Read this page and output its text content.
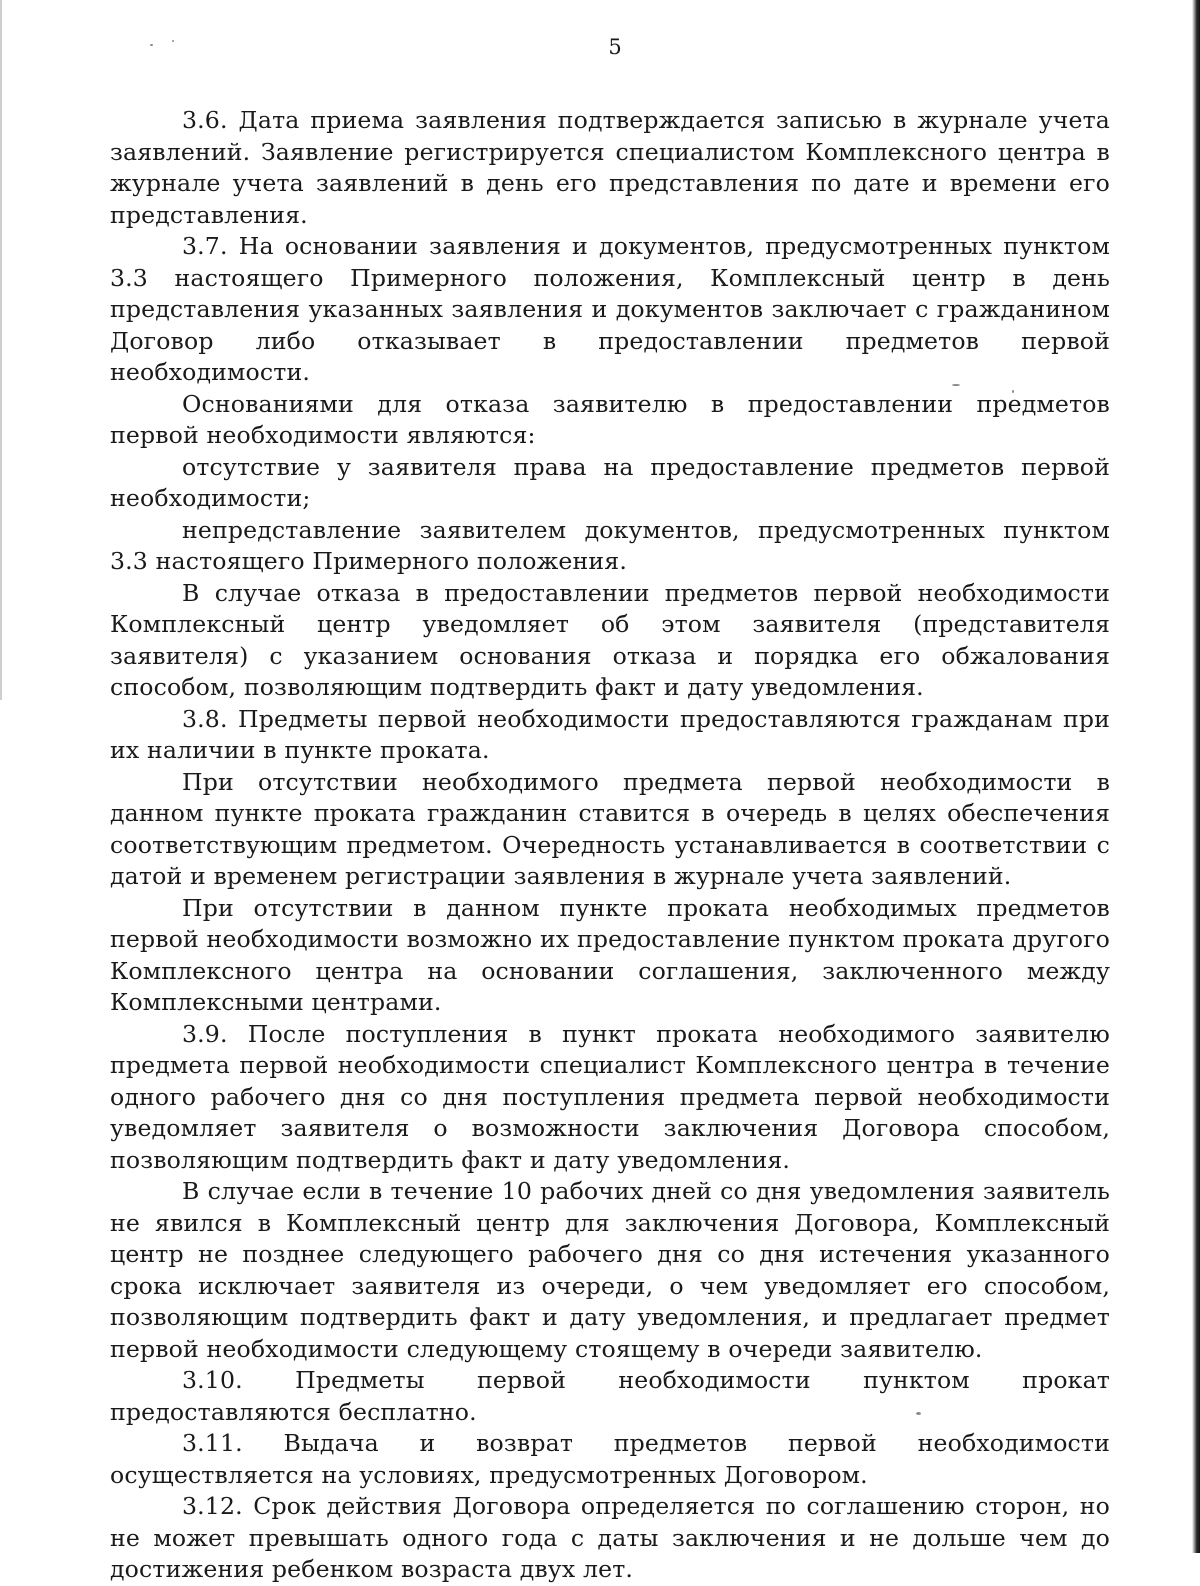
5

3.6. Дата приема заявления подтверждается записью в журнале учета заявлений. Заявление регистрируется специалистом Комплексного центра в журнале учета заявлений в день его представления по дате и времени его представления.

3.7. На основании заявления и документов, предусмотренных пунктом 3.3 настоящего Примерного положения, Комплексный центр в день представления указанных заявления и документов заключает с гражданином Договор либо отказывает в предоставлении предметов первой необходимости.

Основаниями для отказа заявителю в предоставлении предметов первой необходимости являются:

отсутствие у заявителя права на предоставление предметов первой необходимости;

непредставление заявителем документов, предусмотренных пунктом 3.3 настоящего Примерного положения.

В случае отказа в предоставлении предметов первой необходимости Комплексный центр уведомляет об этом заявителя (представителя заявителя) с указанием основания отказа и порядка его обжалования способом, позволяющим подтвердить факт и дату уведомления.

3.8. Предметы первой необходимости предоставляются гражданам при их наличии в пункте проката.

При отсутствии необходимого предмета первой необходимости в данном пункте проката гражданин ставится в очередь в целях обеспечения соответствующим предметом. Очередность устанавливается в соответствии с датой и временем регистрации заявления в журнале учета заявлений.

При отсутствии в данном пункте проката необходимых предметов первой необходимости возможно их предоставление пунктом проката другого Комплексного центра на основании соглашения, заключенного между Комплексными центрами.

3.9. После поступления в пункт проката необходимого заявителю предмета первой необходимости специалист Комплексного центра в течение одного рабочего дня со дня поступления предмета первой необходимости уведомляет заявителя о возможности заключения Договора способом, позволяющим подтвердить факт и дату уведомления.

В случае если в течение 10 рабочих дней со дня уведомления заявитель не явился в Комплексный центр для заключения Договора, Комплексный центр не позднее следующего рабочего дня со дня истечения указанного срока исключает заявителя из очереди, о чем уведомляет его способом, позволяющим подтвердить факт и дату уведомления, и предлагает предмет первой необходимости следующему стоящему в очереди заявителю.

3.10. Предметы первой необходимости пунктом прокат предоставляются бесплатно.

3.11. Выдача и возврат предметов первой необходимости осуществляется на условиях, предусмотренных Договором.

3.12. Срок действия Договора определяется по соглашению сторон, но не может превышать одного года с даты заключения и не дольше чем до достижения ребенком возраста двух лет.
